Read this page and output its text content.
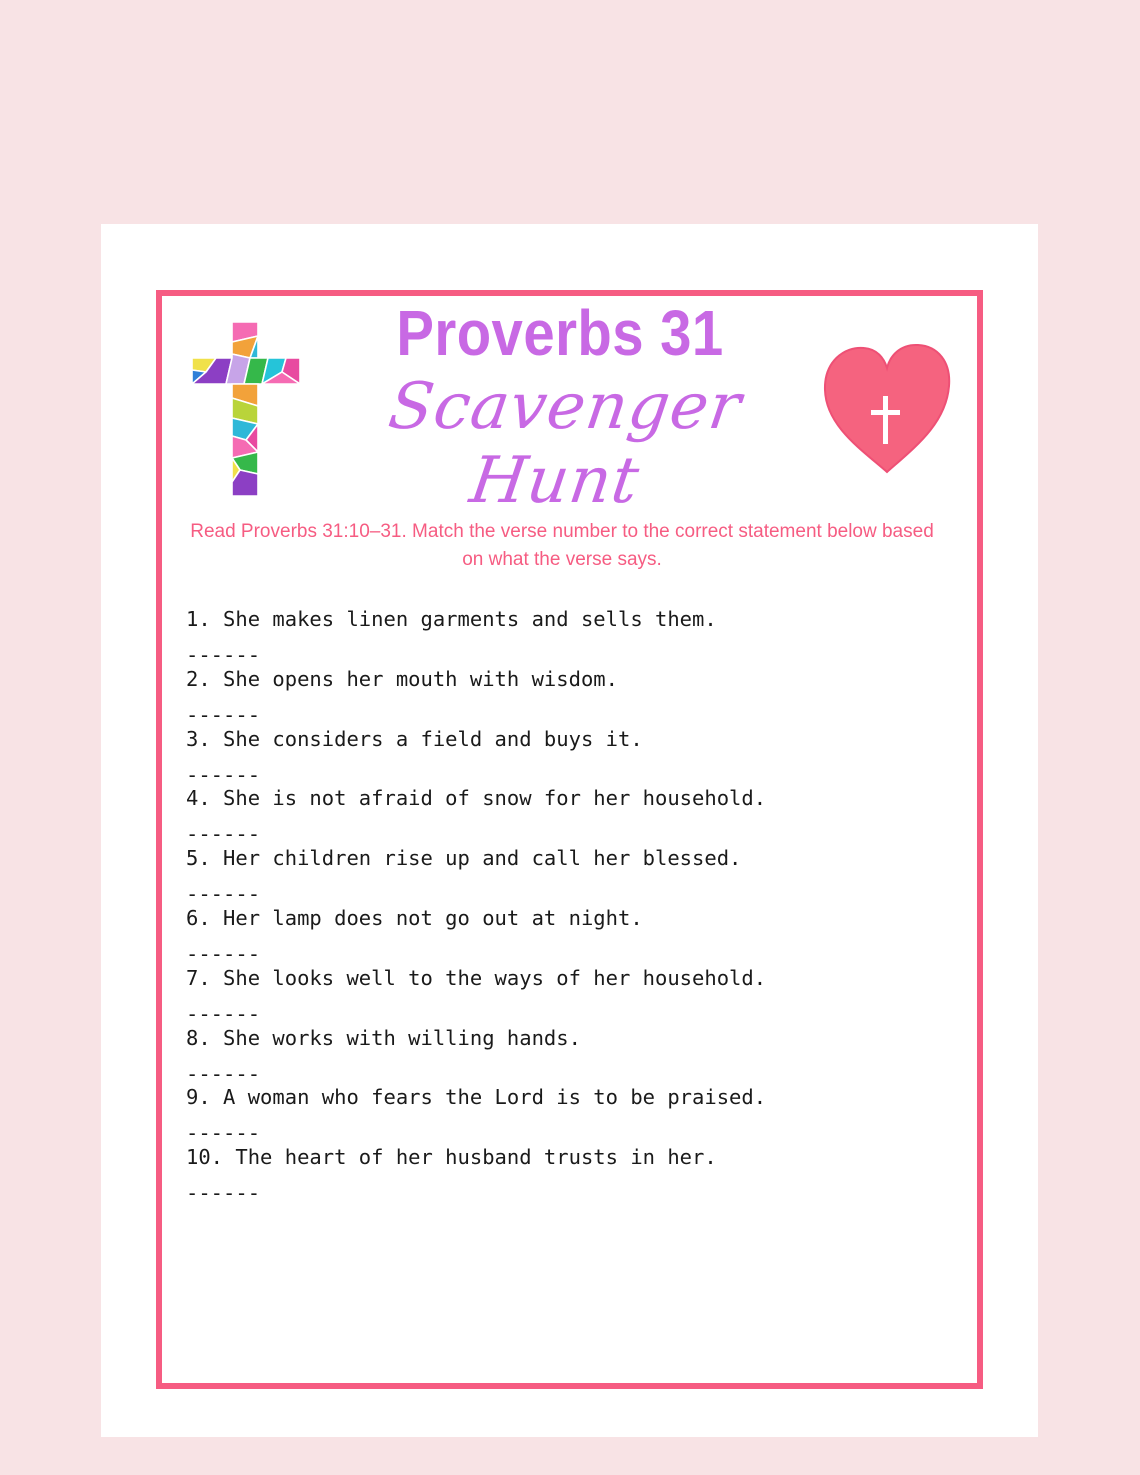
Proverbs 31
Scavenger Hunt
Read Proverbs 31:10–31. Match the verse number to the correct statement below based on what the verse says.
1. She makes linen garments and sells them.
------
2. She opens her mouth with wisdom.
------
3. She considers a field and buys it.
------
4. She is not afraid of snow for her household.
------
5. Her children rise up and call her blessed.
------
6. Her lamp does not go out at night.
------
7. She looks well to the ways of her household.
------
8. She works with willing hands.
------
9. A woman who fears the Lord is to be praised.
------
10. The heart of her husband trusts in her.
------
